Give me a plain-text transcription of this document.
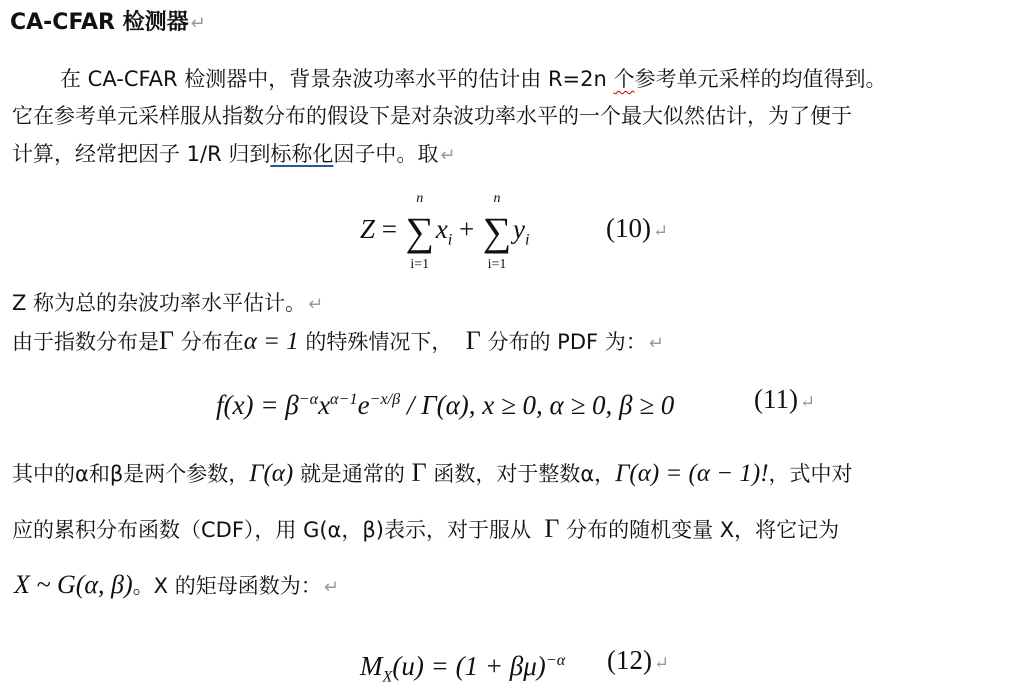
CA-CFAR 检测器 ↵
在 CA-CFAR 检测器中，背景杂波功率水平的估计由 R=2n 个参考单元采样的均值得到。
它在参考单元采样服从指数分布的假设下是对杂波功率水平的一个最大似然估计，为了便于
计算，经常把因子 1/R 归到标称化因子中。取 ↵
Z =
n
∑
i=1
$x_i$ +
n
∑
i=1
$y_i$	(10) ↵
Z 称为总的杂波功率水平估计。 ↵
由于指数分布是Γ 分布在α = 1 的特殊情况下， Γ 分布的 PDF 为： ↵
$f(x) = \beta^{-\alpha}x^{\alpha-1}e^{-x/\beta} / \Gamma(\alpha)$, x ≥ 0, α ≥ 0, β ≥ 0	(11) ↵
其中的α和β是两个参数，Γ(α) 就是通常的 Γ 函数，对于整数α，Γ(α) = (α − 1)!，式中对
应的累积分布函数（CDF），用 G(α，β)表示，对于服从 Γ 分布的随机变量 X，将它记为
X ~ G(α, β)。X 的矩母函数为： ↵
$M_X(u) = (1 + \beta\mu)^{-\alpha}$ (12) ↵
